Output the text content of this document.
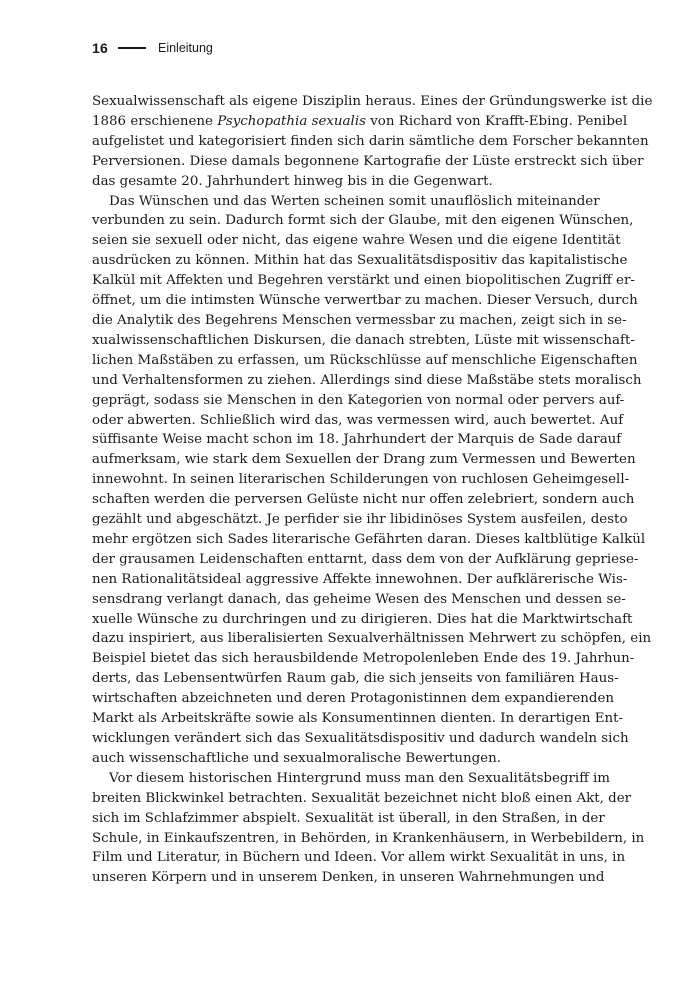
16	Einleitung
Sexualwissenschaft als eigene Disziplin heraus. Eines der Gründungswerke ist die
1886 erschienene Psychopathia sexualis von Richard von Krafft-Ebing. Penibel
aufgelistet und kategorisiert finden sich darin sämtliche dem Forscher bekannten
Perversionen. Diese damals begonnene Kartografie der Lüste erstreckt sich über
das gesamte 20. Jahrhundert hinweg bis in die Gegenwart.
Das Wünschen und das Werten scheinen somit unauflöslich miteinander
verbunden zu sein. Dadurch formt sich der Glaube, mit den eigenen Wünschen,
seien sie sexuell oder nicht, das eigene wahre Wesen und die eigene Identität
ausdrücken zu können. Mithin hat das Sexualitätsdispositiv das kapitalistische
Kalkül mit Affekten und Begehren verstärkt und einen biopolitischen Zugriff er-
öffnet, um die intimsten Wünsche verwertbar zu machen. Dieser Versuch, durch
die Analytik des Begehrens Menschen vermessbar zu machen, zeigt sich in se-
xualwissenschaftlichen Diskursen, die danach strebten, Lüste mit wissenschaft-
lichen Maßstäben zu erfassen, um Rückschlüsse auf menschliche Eigenschaften
und Verhaltensformen zu ziehen. Allerdings sind diese Maßstäbe stets moralisch
geprägt, sodass sie Menschen in den Kategorien von normal oder pervers auf-
oder abwerten. Schließlich wird das, was vermessen wird, auch bewertet. Auf
süffisante Weise macht schon im 18. Jahrhundert der Marquis de Sade darauf
aufmerksam, wie stark dem Sexuellen der Drang zum Vermessen und Bewerten
innewohnt. In seinen literarischen Schilderungen von ruchlosen Geheimgesell-
schaften werden die perversen Gelüste nicht nur offen zelebriert, sondern auch
gezählt und abgeschätzt. Je perfider sie ihr libidinöses System ausfeilen, desto
mehr ergötzen sich Sades literarische Gefährten daran. Dieses kaltblütige Kalkül
der grausamen Leidenschaften enttarnt, dass dem von der Aufklärung gepriese-
nen Rationalitätsideal aggressive Affekte innewohnen. Der aufklärerische Wis-
sensdrang verlangt danach, das geheime Wesen des Menschen und dessen se-
xuelle Wünsche zu durchringen und zu dirigieren. Dies hat die Marktwirtschaft
dazu inspiriert, aus liberalisierten Sexualverhältnissen Mehrwert zu schöpfen, ein
Beispiel bietet das sich herausbildende Metropolenleben Ende des 19. Jahrhun-
derts, das Lebensentwürfen Raum gab, die sich jenseits von familiären Haus-
wirtschaften abzeichneten und deren Protagonistinnen dem expandierenden
Markt als Arbeitskräfte sowie als Konsumentinnen dienten. In derartigen Ent-
wicklungen verändert sich das Sexualitätsdispositiv und dadurch wandeln sich
auch wissenschaftliche und sexualmoralische Bewertungen.
Vor diesem historischen Hintergrund muss man den Sexualitätsbegriff im
breiten Blickwinkel betrachten. Sexualität bezeichnet nicht bloß einen Akt, der
sich im Schlafzimmer abspielt. Sexualität ist überall, in den Straßen, in der
Schule, in Einkaufszentren, in Behörden, in Krankenhäusern, in Werbebildern, in
Film und Literatur, in Büchern und Ideen. Vor allem wirkt Sexualität in uns, in
unseren Körpern und in unserem Denken, in unseren Wahrnehmungen und
